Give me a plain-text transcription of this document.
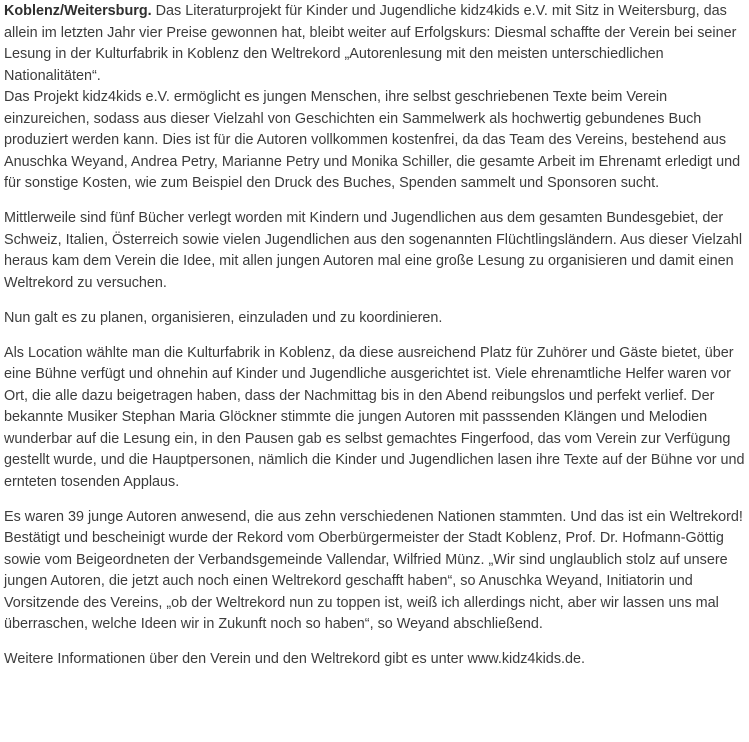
Koblenz/Weitersburg. Das Literaturprojekt für Kinder und Jugendliche kidz4kids e.V. mit Sitz in Weitersburg, das allein im letzten Jahr vier Preise gewonnen hat, bleibt weiter auf Erfolgskurs: Diesmal schaffte der Verein bei seiner Lesung in der Kulturfabrik in Koblenz den Weltrekord „Autorenlesung mit den meisten unterschiedlichen Nationalitäten“.
Das Projekt kidz4kids e.V. ermöglicht es jungen Menschen, ihre selbst geschriebenen Texte beim Verein einzureichen, sodass aus dieser Vielzahl von Geschichten ein Sammelwerk als hochwertig gebundenes Buch produziert werden kann. Dies ist für die Autoren vollkommen kostenfrei, da das Team des Vereins, bestehend aus Anuschka Weyand, Andrea Petry, Marianne Petry und Monika Schiller, die gesamte Arbeit im Ehrenamt erledigt und für sonstige Kosten, wie zum Beispiel den Druck des Buches, Spenden sammelt und Sponsoren sucht.

Mittlerweile sind fünf Bücher verlegt worden mit Kindern und Jugendlichen aus dem gesamten Bundesgebiet, der Schweiz, Italien, Österreich sowie vielen Jugendlichen aus den sogenannten Flüchtlingsländern. Aus dieser Vielzahl heraus kam dem Verein die Idee, mit allen jungen Autoren mal eine große Lesung zu organisieren und damit einen Weltrekord zu versuchen.

Nun galt es zu planen, organisieren, einzuladen und zu koordinieren.

Als Location wählte man die Kulturfabrik in Koblenz, da diese ausreichend Platz für Zuhörer und Gäste bietet, über eine Bühne verfügt und ohnehin auf Kinder und Jugendliche ausgerichtet ist. Viele ehrenamtliche Helfer waren vor Ort, die alle dazu beigetragen haben, dass der Nachmittag bis in den Abend reibungslos und perfekt verlief. Der bekannte Musiker Stephan Maria Glöckner stimmte die jungen Autoren mit passsenden Klängen und Melodien wunderbar auf die Lesung ein, in den Pausen gab es selbst gemachtes Fingerfood, das vom Verein zur Verfügung gestellt wurde, und die Hauptpersonen, nämlich die Kinder und Jugendlichen lasen ihre Texte auf der Bühne vor und ernteten tosenden Applaus.

Es waren 39 junge Autoren anwesend, die aus zehn verschiedenen Nationen stammten. Und das ist ein Weltrekord! Bestätigt und bescheinigt wurde der Rekord vom Oberbürgermeister der Stadt Koblenz, Prof. Dr. Hofmann-Göttig sowie vom Beigeordneten der Verbandsgemeinde Vallendar, Wilfried Münz. „Wir sind unglaublich stolz auf unsere jungen Autoren, die jetzt auch noch einen Weltrekord geschafft haben“, so Anuschka Weyand, Initiatorin und Vorsitzende des Vereins, „ob der Weltrekord nun zu toppen ist, weiß ich allerdings nicht, aber wir lassen uns mal überraschen, welche Ideen wir in Zukunft noch so haben“, so Weyand abschließend.

Weitere Informationen über den Verein und den Weltrekord gibt es unter www.kidz4kids.de.
